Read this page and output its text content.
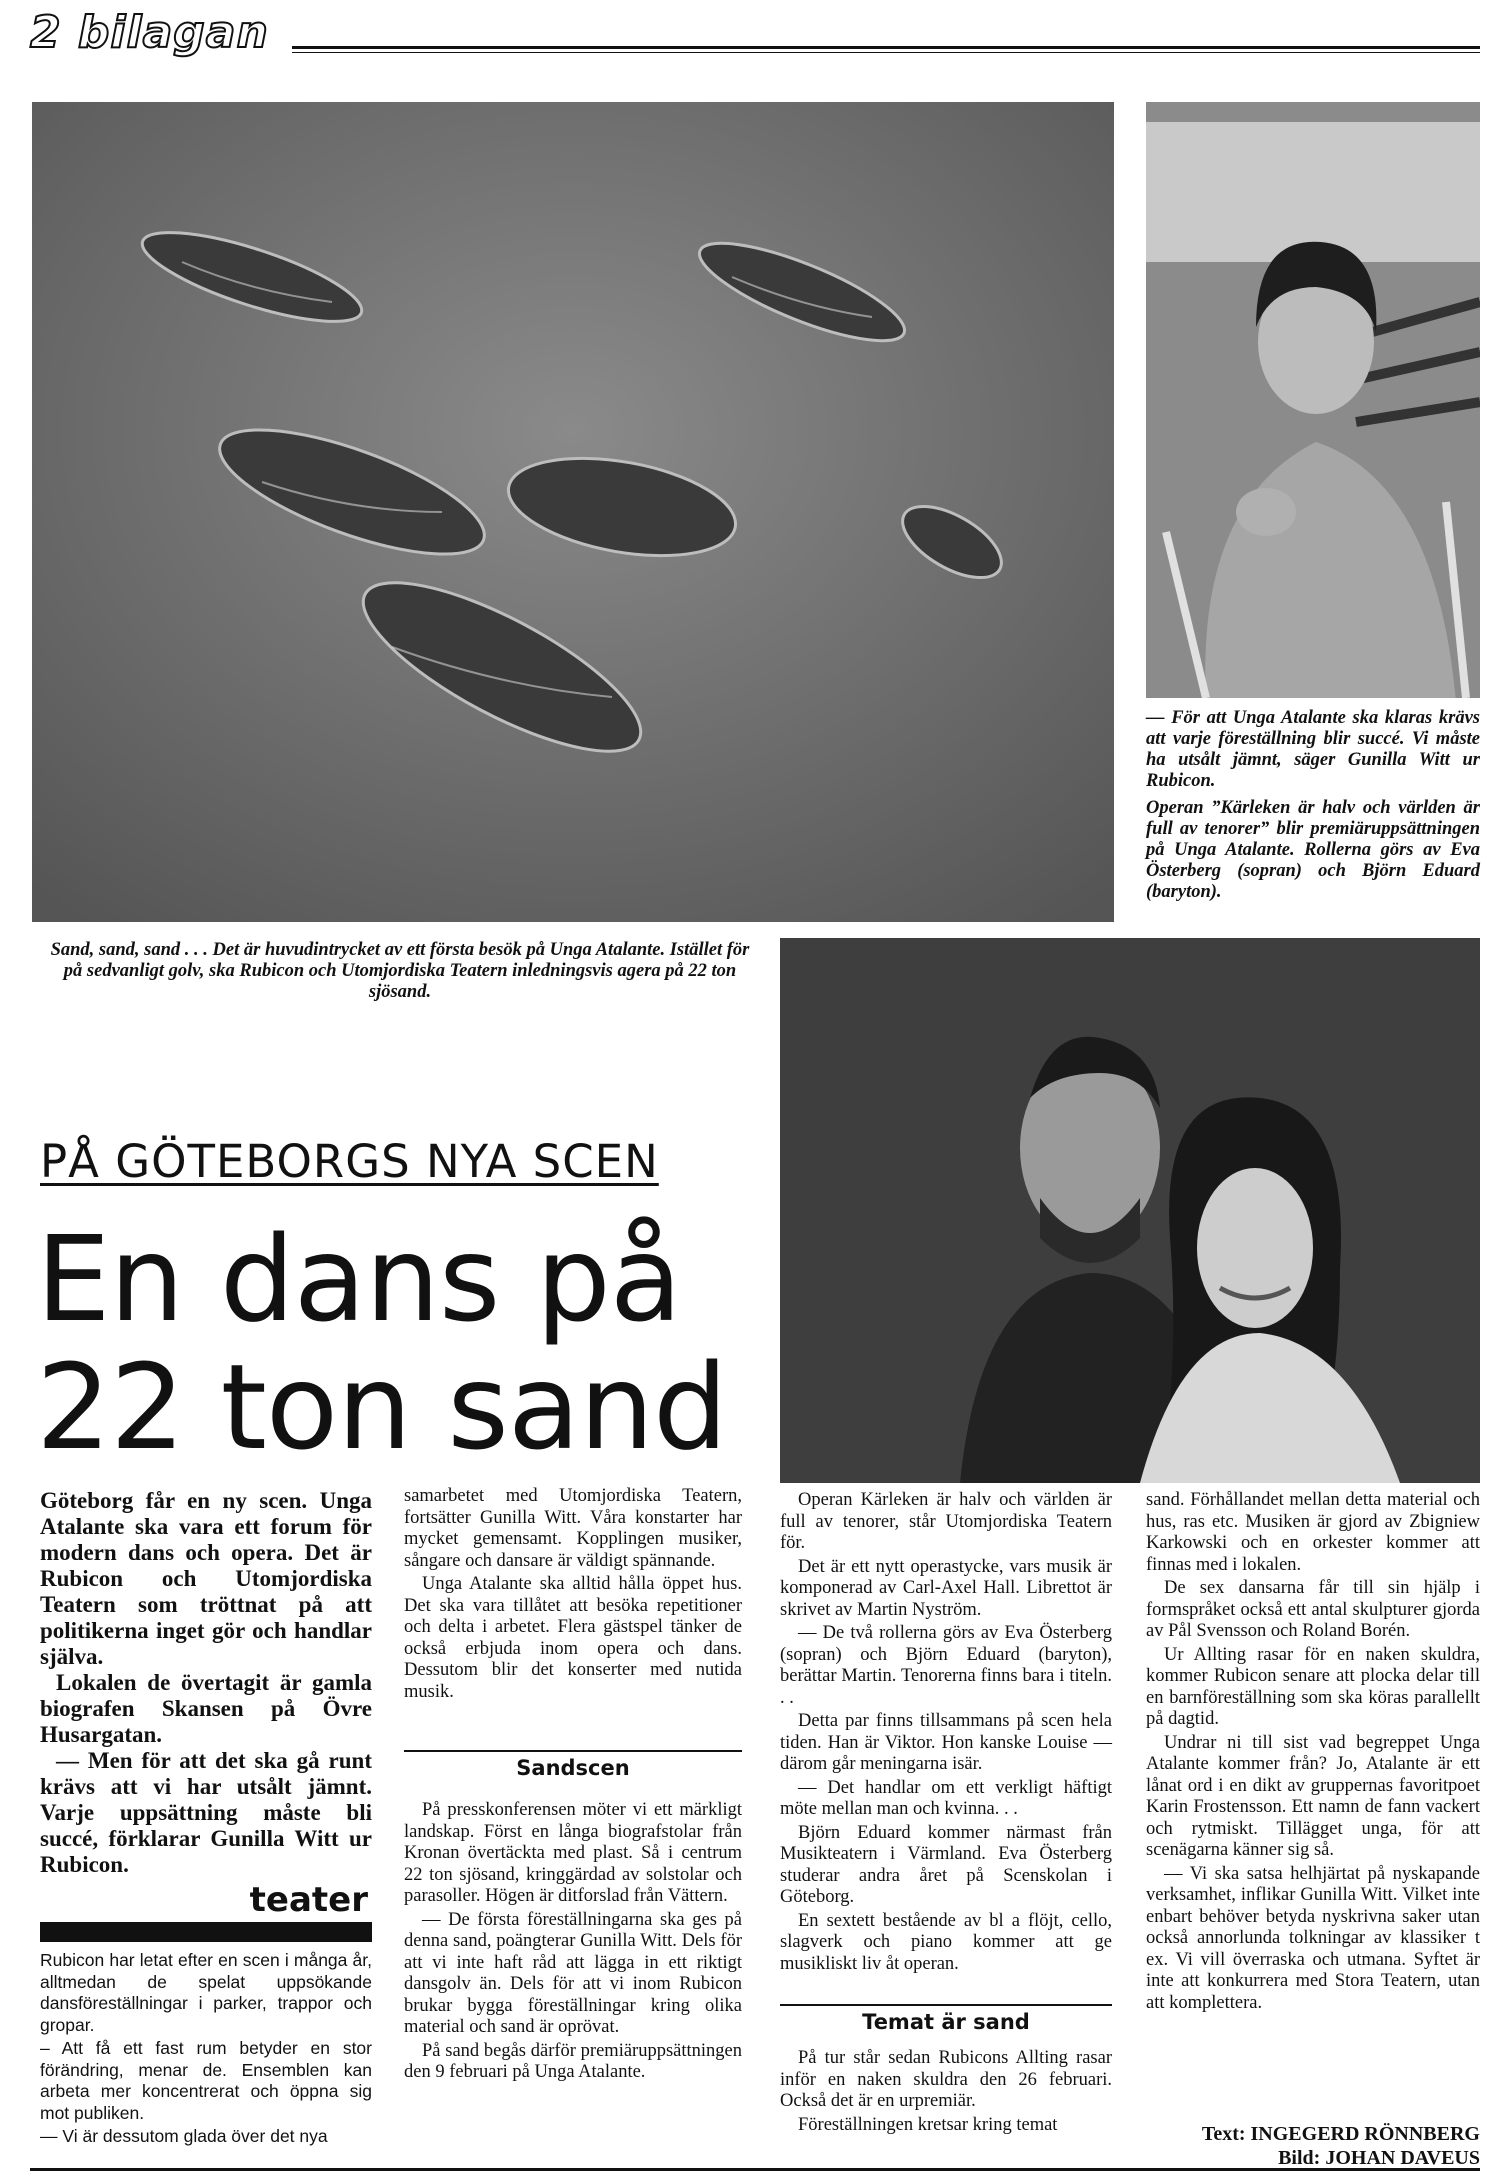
2 bilagan

— För att Unga Atalante ska klaras krävs att varje föreställning blir succé. Vi måste ha utsålt jämnt, säger Gunilla Witt ur Rubicon.

Operan ”Kärleken är halv och världen är full av tenorer” blir premiäruppsättningen på Unga Atalante. Rollerna görs av Eva Österberg (sopran) och Björn Eduard (baryton).

Sand, sand, sand . . . Det är huvudintrycket av ett första besök på Unga Atalante. Istället för på sedvanligt golv, ska Rubicon och Utomjordiska Teatern inledningsvis agera på 22 ton sjösand.

PÅ GÖTEBORGS NYA SCEN
En dans på
22 ton sand

Göteborg får en ny scen. Unga Atalante ska vara ett forum för modern dans och opera. Det är Rubicon och Utomjordiska Teatern som tröttnat på att politikerna inget gör och handlar själva.

Lokalen de övertagit är gamla biografen Skansen på Övre Husargatan.

— Men för att det ska gå runt krävs att vi har utsålt jämnt. Varje uppsättning måste bli succé, förklarar Gunilla Witt ur Rubicon.

teater

Rubicon har letat efter en scen i många år, alltmedan de spelat uppsökande dansföreställningar i parker, trappor och gropar.

– Att få ett fast rum betyder en stor förändring, menar de. Ensemblen kan arbeta mer koncentrerat och öppna sig mot publiken.

— Vi är dessutom glada över det nya

samarbetet med Utomjordiska Teatern, fortsätter Gunilla Witt. Våra konstarter har mycket gemensamt. Kopplingen musiker, sångare och dansare är väldigt spännande.

Unga Atalante ska alltid hålla öppet hus. Det ska vara tillåtet att besöka repetitioner och delta i arbetet. Flera gästspel tänker de också erbjuda inom opera och dans. Dessutom blir det konserter med nutida musik.

Sandscen

På presskonferensen möter vi ett märkligt landskap. Först en långa biografstolar från Kronan övertäckta med plast. Så i centrum 22 ton sjösand, kringgärdad av solstolar och parasoller. Högen är ditforslad från Vättern.

— De första föreställningarna ska ges på denna sand, poängterar Gunilla Witt. Dels för att vi inte haft råd att lägga in ett riktigt dansgolv än. Dels för att vi inom Rubicon brukar bygga föreställningar kring olika material och sand är oprövat.

På sand begås därför premiäruppsättningen den 9 februari på Unga Atalante.

Operan Kärleken är halv och världen är full av tenorer, står Utomjordiska Teatern för.

Det är ett nytt operastycke, vars musik är komponerad av Carl-Axel Hall. Librettot är skrivet av Martin Nyström.

— De två rollerna görs av Eva Österberg (sopran) och Björn Eduard (baryton), berättar Martin. Tenorerna finns bara i titeln. . .

Detta par finns tillsammans på scen hela tiden. Han är Viktor. Hon kanske Louise — därom går meningarna isär.

— Det handlar om ett verkligt häftigt möte mellan man och kvinna. . .

Björn Eduard kommer närmast från Musikteatern i Värmland. Eva Österberg studerar andra året på Scenskolan i Göteborg.

En sextett bestående av bl a flöjt, cello, slagverk och piano kommer att ge musikliskt liv åt operan.

Temat är sand

På tur står sedan Rubicons Allting rasar inför en naken skuldra den 26 februari. Också det är en urpremiär.

Föreställningen kretsar kring temat

sand. Förhållandet mellan detta material och hus, ras etc. Musiken är gjord av Zbigniew Karkowski och en orkester kommer att finnas med i lokalen.

De sex dansarna får till sin hjälp i formspråket också ett antal skulpturer gjorda av Pål Svensson och Roland Borén.

Ur Allting rasar för en naken skuldra, kommer Rubicon senare att plocka delar till en barnföreställning som ska köras parallellt på dagtid.

Undrar ni till sist vad begreppet Unga Atalante kommer från? Jo, Atalante är ett lånat ord i en dikt av gruppernas favoritpoet Karin Frostensson. Ett namn de fann vackert och rytmiskt. Tillägget unga, för att scenägarna känner sig så.

— Vi ska satsa helhjärtat på nyskapande verksamhet, inflikar Gunilla Witt. Vilket inte enbart behöver betyda nyskrivna saker utan också annorlunda tolkningar av klassiker t ex. Vi vill överraska och utmana. Syftet är inte att konkurrera med Stora Teatern, utan att komplettera.

Text: INGEGERD RÖNNBERG
Bild: JOHAN DAVEUS
